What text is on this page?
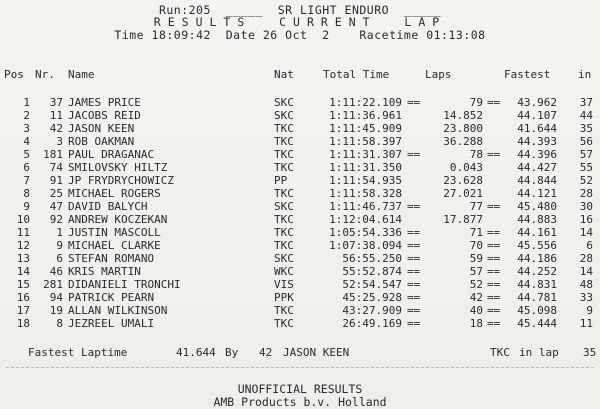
Run:205  _____  SR LIGHT ENDURO  _____
RESULTS  CURRENT  LAP
Time 18:09:42  Date 26 Oct  2    Racetime 01:13:08
Pos Nr. Name	Nat	Total Time	Laps	Fastest	in
1	37 JAMES PRICE	SKC	1:11:22.109 ==	79 ==	43.962	37
2	11 JACOBS REID	SKC	1:11:36.961	14.852	44.107	44
3	42 JASON KEEN	TKC	1:11:45.909	23.800	41.644	35
4	3 ROB OAKMAN	TKC	1:11:58.397	36.288	44.393	56
5	181 PAUL DRAGANAC	TKC	1:11:31.307 ==	78 ==	44.396	57
6	74 SMILOVSKY HILTZ	TKC	1:11:31.350	0.043	44.427	55
7	91 JP FRYDRYCHOWICZ	PP	1:11:54.935	23.628	44.844	52
8	25 MICHAEL ROGERS	TKC	1:11:58.328	27.021	44.121	28
9	47 DAVID BALYCH	SKC	1:11:46.737 ==	77 ==	45.480	30
10	92 ANDREW KOCZEKAN	TKC	1:12:04.614	17.877	44.883	16
11	1 JUSTIN MASCOLL	TKC	1:05:54.336 ==	71 ==	44.161	14
12	9 MICHAEL CLARKE	TKC	1:07:38.094 ==	70 ==	45.556	6
13	6 STEFAN ROMANO	SKC	56:55.250 ==	59 ==	44.186	28
14	46 KRIS MARTIN	WKC	55:52.874 ==	57 ==	44.252	14
15	281 DIDANIELI TRONCHI	VIS	52:54.547 ==	52 ==	44.831	48
16	94 PATRICK PEARN	PPK	45:25.928 ==	42 ==	44.781	33
17	19 ALLAN WILKINSON	TKC	43:27.909 ==	40 ==	45.098	9
18	8 JEZREEL UMALI	TKC	26:49.169 ==	18 ==	45.444	11
Fastest Laptime	41.644 By 42 JASON KEEN	TKC in lap 35
UNOFFICIAL RESULTS
AMB Products b.v. Holland
